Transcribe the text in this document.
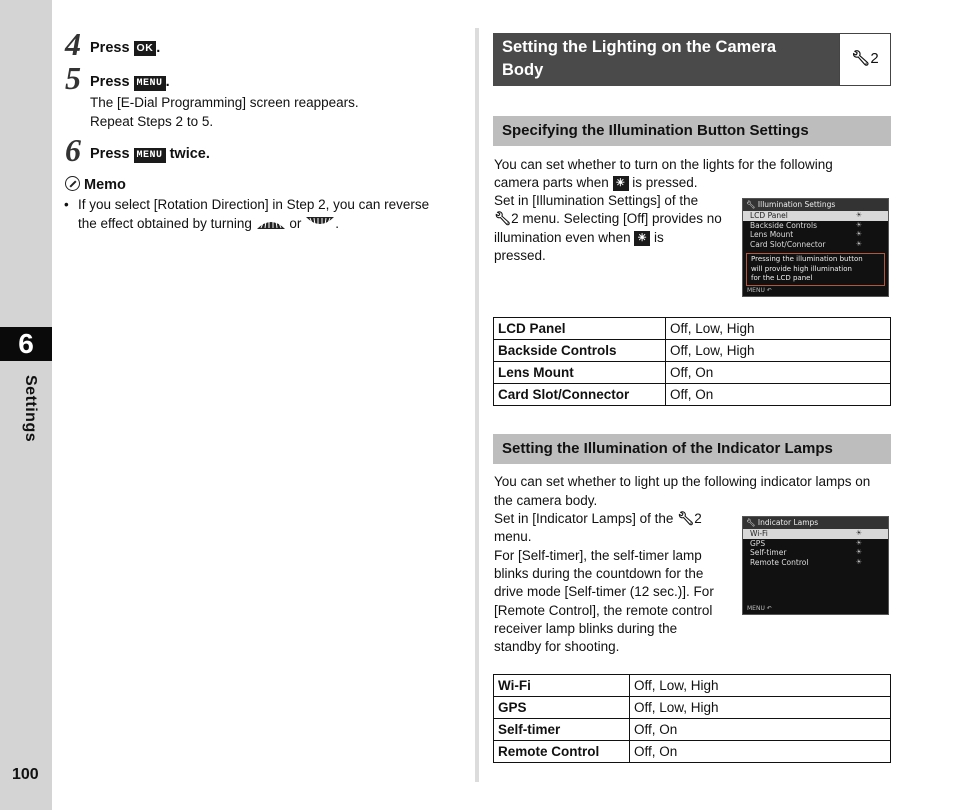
6
Settings
100
4 Press OK .
5 Press MENU .
The [E-Dial Programming] screen reappears.
Repeat Steps 2 to 5.
6 Press MENU twice.
Memo
• If you select [Rotation Direction] in Step 2, you can reverse
the effect obtained by turning	or	.
Setting the Lighting on the Camera
Body
🔧︎2
Specifying the Illumination Button Settings
You can set whether to turn on the lights for the following
camera parts when ☀ is pressed.
Set in [Illumination Settings] of the
🔧︎2 menu. Selecting [Off] provides no
illumination even when ☀ is
pressed.
🔧︎ Illumination Settings
LCD Panel	☀
Backside Controls	☀
Lens Mount	☀
Card Slot/Connector	☀
Pressing the illumination button
will provide high illumination
for the LCD panel
MENU ↶
LCD Panel	Off, Low, High
Backside Controls	Off, Low, High
Lens Mount	Off, On
Card Slot/Connector	Off, On
Setting the Illumination of the Indicator Lamps
You can set whether to light up the following indicator lamps on
the camera body.
Set in [Indicator Lamps] of the 🔧︎2
menu.
For [Self-timer], the self-timer lamp
blinks during the countdown for the
drive mode [Self-timer (12 sec.)]. For
[Remote Control], the remote control
receiver lamp blinks during the
standby for shooting.
🔧︎ Indicator Lamps
Wi-Fi	☀
GPS	☀
Self-timer	☀
Remote Control	☀
MENU ↶
Wi-Fi	Off, Low, High
GPS	Off, Low, High
Self-timer	Off, On
Remote Control	Off, On
